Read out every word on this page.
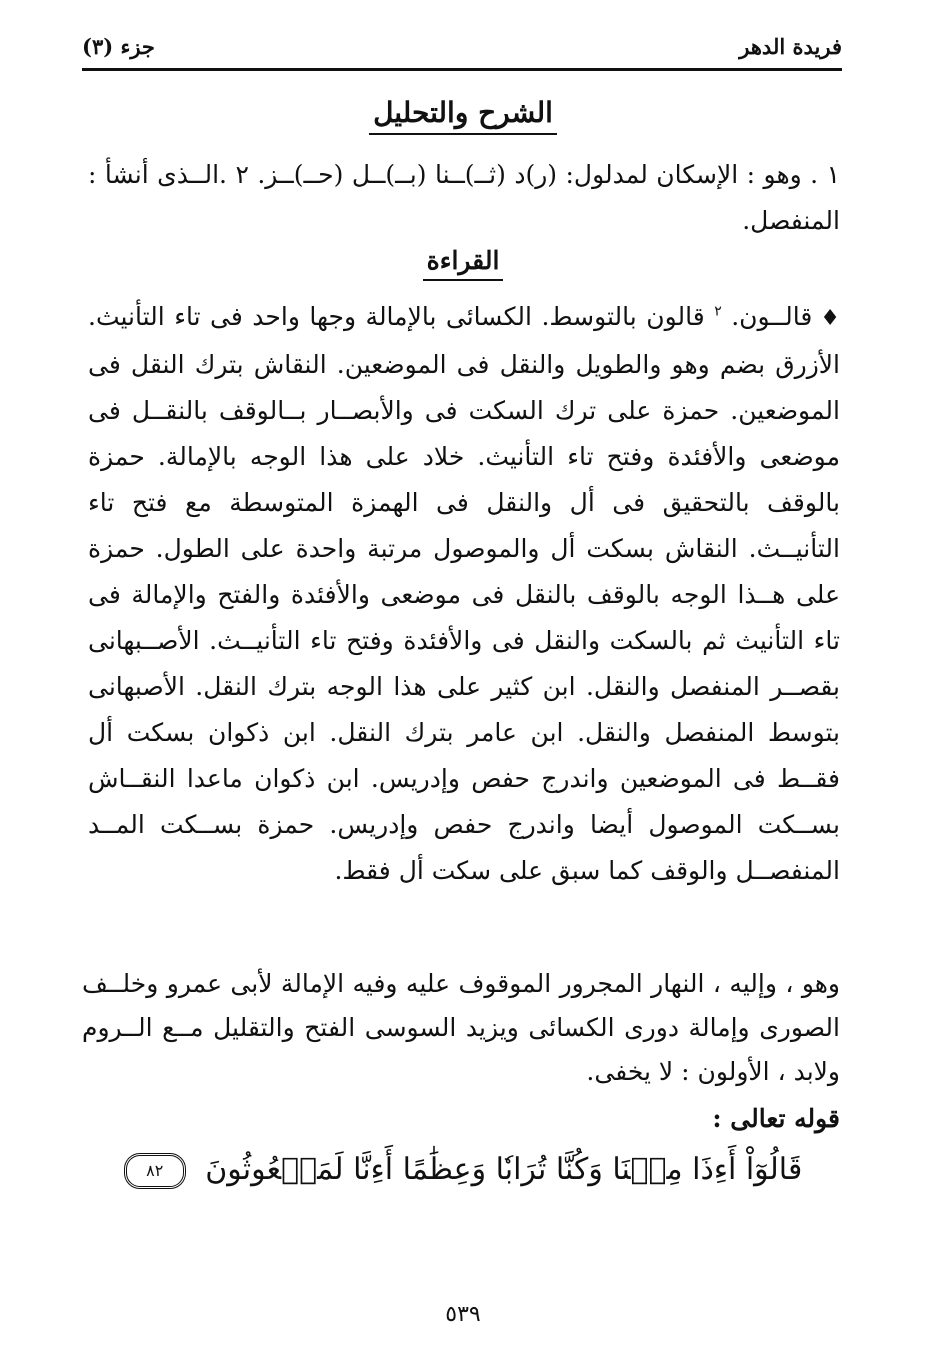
فريدة الدهر
جزء (٣)
الشرح والتحليل
١ . وهو : الإسكان لمدلول: (ر)د (ثــ)ــنا (بــ)ــل (حــ)ــز. ٢ .الــذى أنشأ : المنفصل.
القراءة
♦قالــون. $^٢$ قالون بالتوسط. الكسائى بالإمالة وجها واحد فى تاء التأنيث. الأزرق بضم وهو والطويل والنقل فى الموضعين. النقاش بترك النقل فى الموضعين. حمزة على ترك السكت فى والأبصــار بــالوقف بالنقــل فى موضعى والأفئدة وفتح تاء التأنيث. خلاد على هذا الوجه بالإمالة. حمزة بالوقف بالتحقيق فى أل والنقل فى الهمزة المتوسطة مع فتح تاء التأنيــث. النقاش بسكت أل والموصول مرتبة واحدة على الطول. حمزة على هــذا الوجه بالوقف بالنقل فى موضعى والأفئدة والفتح والإمالة فى تاء التأنيث ثم بالسكت والنقل فى والأفئدة وفتح تاء التأنيــث. الأصــبهانى بقصــر المنفصل والنقل. ابن كثير على هذا الوجه بترك النقل. الأصبهانى بتوسط المنفصل والنقل. ابن عامر بترك النقل. ابن ذكوان بسكت أل فقــط فى الموضعين واندرج حفص وإدريس. ابن ذكوان ماعدا النقــاش بســكت الموصول أيضا واندرج حفص وإدريس. حمزة بســكت المــد المنفصــل والوقف كما سبق على سكت أل فقط.
وهو ، وإليه ، النهار المجرور الموقوف عليه وفيه الإمالة لأبى عمرو وخلــف الصورى وإمالة دورى الكسائى ويزيد السوسى الفتح والتقليل مــع الــروم ولابد ، الأولون : لا يخفى.
قوله تعالى :
قَالُوٓاْ أَءِذَا مِتۡنَا وَكُنَّا تُرَابٗا وَعِظَٰمًا أَءِنَّا لَمَبۡعُوثُونَ ٨٢
٥٣٩
